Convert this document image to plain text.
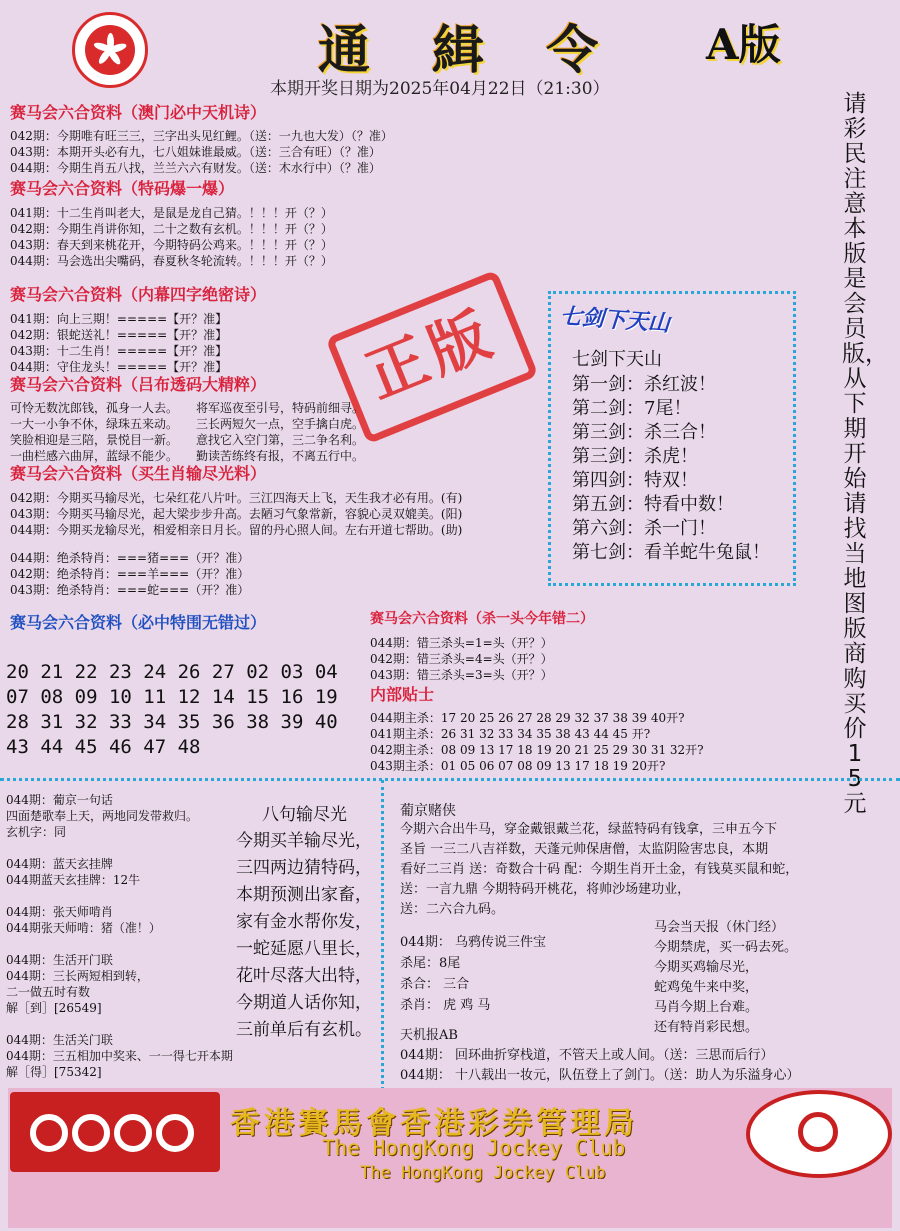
通 緝 令 A版
本期开奖日期为2025年04月22日（21:30）
赛马会六合资料（澳门必中天机诗）
042期：今期唯有旺三三，三字出头见红鲤。（送：一九也大发）（？准）
043期：本期开头必有九，七八姐妹谁最威。（送：三合有旺）（？准）
044期：今期生肖五八找，兰兰六六有财发。（送：木水行中）（？准）
赛马会六合资料（特码爆一爆）
041期：十二生肖叫老大，是鼠是龙自己猜。！！！开（？）
042期：今期生肖讲你知，二十之数有玄机。！！！开（？）
043期：春天到来桃花开，今期特码公鸡来。！！！开（？）
044期：马会选出尖嘴码，春夏秋冬轮流转。！！！开（？）
赛马会六合资料（内幕四字绝密诗）
041期：向上三期！=====【开？准】
042期：银蛇送礼！=====【开？准】
043期：十二生肖！=====【开？准】
044期：守住龙头！=====【开？准】	正版
赛马会六合资料（吕布透码大精粹）
可怜无数沈郎钱，孤身一人去。　　将军巡夜至引号，特码前细寻。
一大一小争不休，绿珠五来动。　　三长两短欠一点，空手擒白虎。
笑脸相迎是三陪，景悦目一新。　　意找它入空门第，三二争名利。
一曲栏感六曲屏，蓝绿不能少。　　勤读苦练终有报，不离五行中。
赛马会六合资料（买生肖输尽光料）
042期：今期买马输尽光，七朵红花八片叶。三江四海天上飞，天生我才必有用。(有)
043期：今期买马输尽光，起大梁步步升高。去陋习气象常新，容貌心灵双媲美。(阳)
044期：今期买龙输尽光，相爱相亲日月长。留的丹心照人间。左右开道七帮助。(助)
044期：绝杀特肖：===猪===（开？准）
042期：绝杀特肖：===羊===（开？准）
043期：绝杀特肖：===蛇===（开？准）
七剑下天山
七剑下天山
第一剑：杀红波！
第二剑：7尾！
第三剑：杀三合！
第三剑：杀虎！
第四剑：特双！
第五剑：特看中数！
第六剑：杀一门！
第七剑：看羊蛇牛兔鼠！
请彩民注意本版是会员版，从下期开始请找当地图版商购买价15元
赛马会六合资料（必中特围无错过）
20 21 22 23 24 26 27 02 03 04
07 08 09 10 11 12 14 15 16 19
28 31 32 33 34 35 36 38 39 40
43 44 45 46 47 48
赛马会六合资料（杀一头今年错二）
044期：错三杀头=1=头（开？）
042期：错三杀头=4=头（开？）
043期：错三杀头=3=头（开？）
内部贴士
044期主杀：17 20 25 26 27 28 29 32 37 38 39 40开?
041期主杀：26 31 32 33 34 35 38 43 44 45 开?
042期主杀：08 09 13 17 18 19 20 21 25 29 30 31 32开?
043期主杀：01 05 06 07 08 09 13 17 18 19 20开?
044期：葡京一句话
四面楚歌奉上天，两地同发带救归。
玄机字：同
044期：蓝天玄挂牌
044期蓝天玄挂牌：12牛
044期：张天师啃肖
044期张天师啃：猪（准！）
044期：生活开门联
044期：三长两短相到转，
二一做五时有数
解［到］[26549]
044期：生活关门联
044期：三五相加中奖来、一一得七开本期
解［得］[75342]
八句输尽光
今期买羊输尽光，
三四两边猜特码，
本期预测出家畜，
家有金水帮你发，
一蛇延愿八里长，
花叶尽落大出特，
今期道人话你知，
三前单后有玄机。
葡京赌侠
今期六合出牛马，穿金戴银戴兰花，绿蓝特码有钱拿，三申五今下
圣旨 一三二八吉祥数，天蓬元帅保唐僧，太监阴险害忠良，本期
看好二三肖 送：奇数合十码 配：今期生肖开土金，有钱莫买鼠和蛇，
送：一言九鼎 今期特码开桃花，将帅沙场建功业，
送：二六合九码。
044期： 乌鸦传说三件宝
杀尾：8尾
杀合： 三合
杀肖： 虎 鸡 马
马会当天报（休门经）
今期禁虎，买一码去死。
今期买鸡输尽光，
蛇鸡兔牛来中奖，
马肖今期上台难。
还有特肖彩民想。
天机报AB
044期： 回环曲折穿栈道，不管天上或人间。（送：三思而后行）
044期： 十八载出一妆元，队伍登上了剑门。（送：助人为乐溢身心）
香港賽馬會香港彩券管理局
The HongKong Jockey Club
The HongKong Jockey Club
